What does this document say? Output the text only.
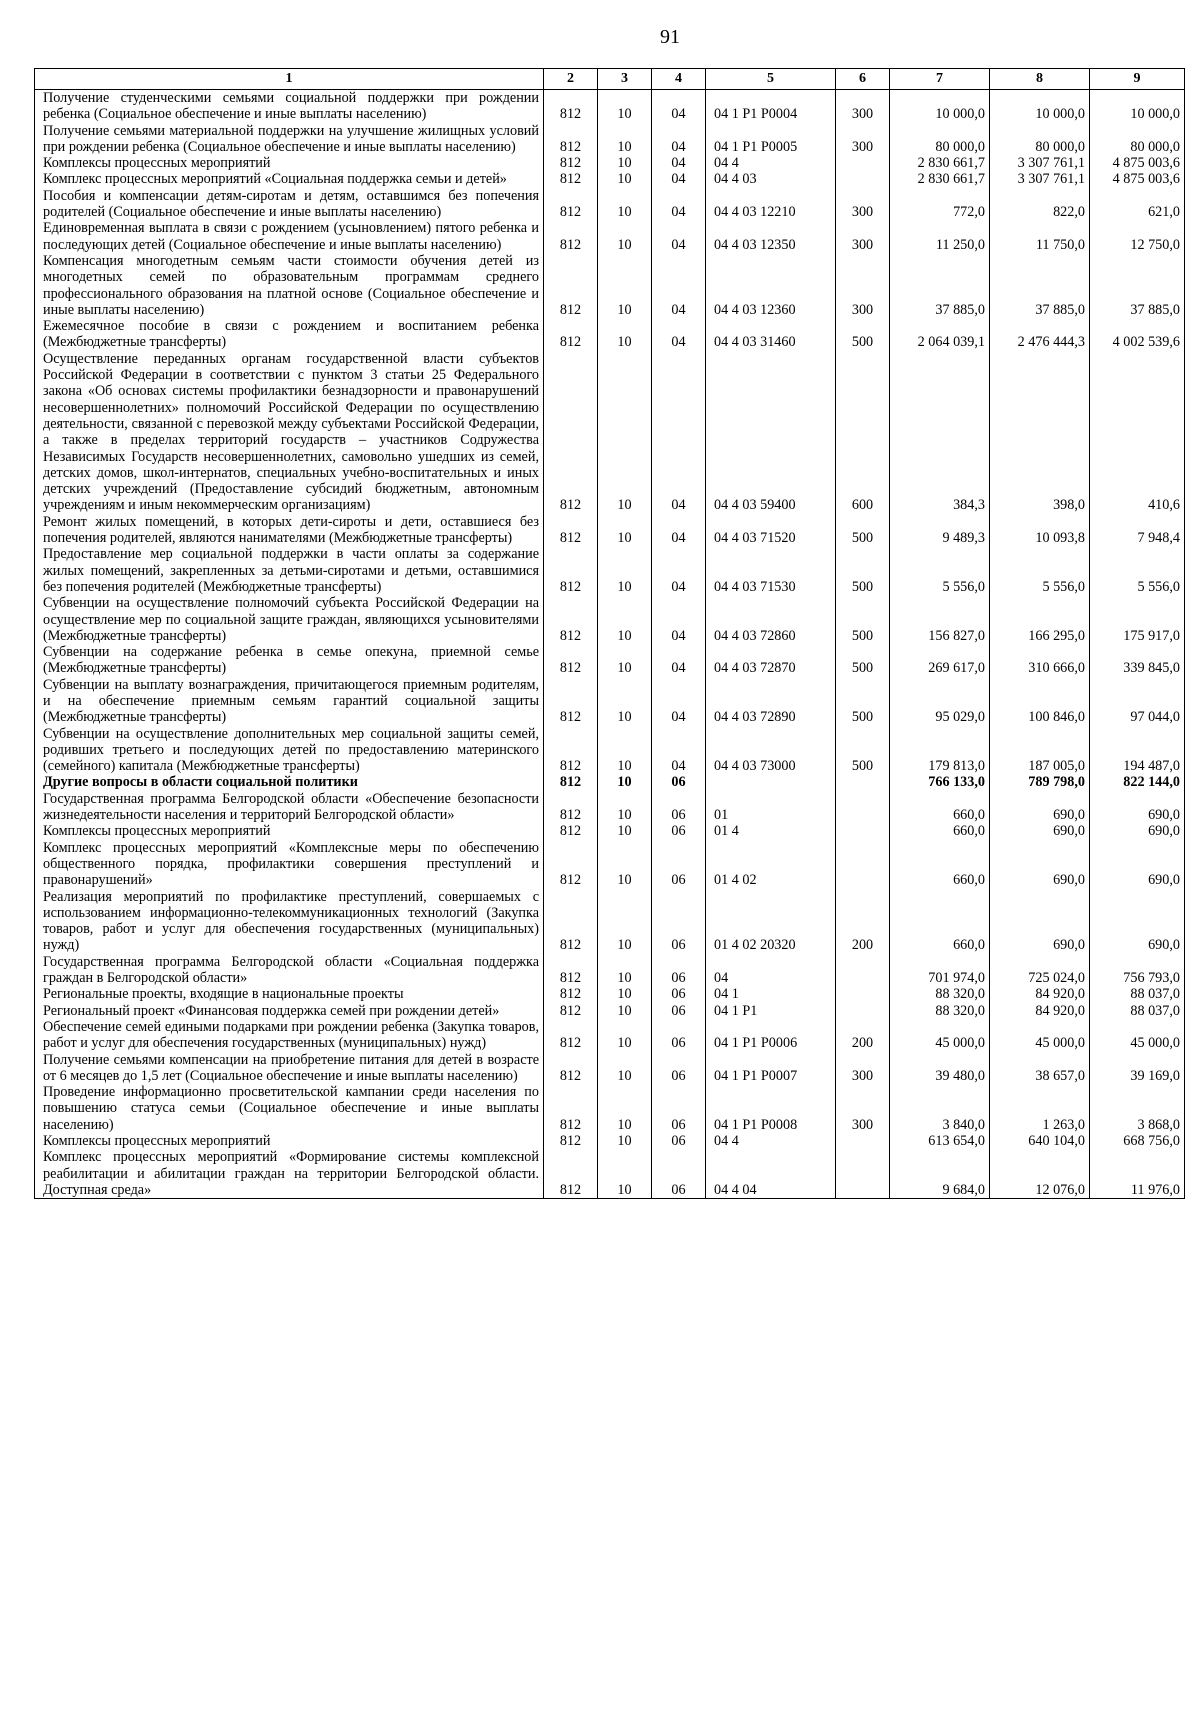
91
1	2	3	4	5	6	7	8	9
Получение студенческими семьями социальной поддержки при рождении ребенка (Социальное обеспечение и иные выплаты населению)	812	10	04	04 1 P1 P0004	300	10 000,0	10 000,0	10 000,0
Получение семьями материальной поддержки на улучшение жилищных условий при рождении ребенка (Социальное обеспечение и иные выплаты населению)	812	10	04	04 1 P1 P0005	300	80 000,0	80 000,0	80 000,0
Комплексы процессных мероприятий	812	10	04	04 4		2 830 661,7	3 307 761,1	4 875 003,6
Комплекс процессных мероприятий «Социальная поддержка семьи и детей»	812	10	04	04 4 03		2 830 661,7	3 307 761,1	4 875 003,6
Пособия и компенсации детям-сиротам и детям, оставшимся без попечения родителей (Социальное обеспечение и иные выплаты населению)	812	10	04	04 4 03 12210	300	772,0	822,0	621,0
Единовременная выплата в связи с рождением (усыновлением) пятого ребенка и последующих детей (Социальное обеспечение и иные выплаты населению)	812	10	04	04 4 03 12350	300	11 250,0	11 750,0	12 750,0
Компенсация многодетным семьям части стоимости обучения детей из многодетных семей по образовательным программам среднего профессионального образования на платной основе (Социальное обеспечение и иные выплаты населению)	812	10	04	04 4 03 12360	300	37 885,0	37 885,0	37 885,0
Ежемесячное пособие в связи с рождением и воспитанием ребенка (Межбюджетные трансферты)	812	10	04	04 4 03 31460	500	2 064 039,1	2 476 444,3	4 002 539,6
Осуществление переданных органам государственной власти субъектов Российской Федерации в соответствии с пунктом 3 статьи 25 Федерального закона «Об основах системы профилактики безнадзорности и правонарушений несовершеннолетних» полномочий Российской Федерации по осуществлению деятельности, связанной с перевозкой между субъектами Российской Федерации, а также в пределах территорий государств – участников Содружества Независимых Государств несовершеннолетних, самовольно ушедших из семей, детских домов, школ-интернатов, специальных учебно-воспитательных и иных детских учреждений (Предоставление субсидий бюджетным, автономным учреждениям и иным некоммерческим организациям)	812	10	04	04 4 03 59400	600	384,3	398,0	410,6
Ремонт жилых помещений, в которых дети-сироты и дети, оставшиеся без попечения родителей, являются нанимателями (Межбюджетные трансферты)	812	10	04	04 4 03 71520	500	9 489,3	10 093,8	7 948,4
Предоставление мер социальной поддержки в части оплаты за содержание жилых помещений, закрепленных за детьми-сиротами и детьми, оставшимися без попечения родителей (Межбюджетные трансферты)	812	10	04	04 4 03 71530	500	5 556,0	5 556,0	5 556,0
Субвенции на осуществление полномочий субъекта Российской Федерации на осуществление мер по социальной защите граждан, являющихся усыновителями (Межбюджетные трансферты)	812	10	04	04 4 03 72860	500	156 827,0	166 295,0	175 917,0
Субвенции на содержание ребенка в семье опекуна, приемной семье (Межбюджетные трансферты)	812	10	04	04 4 03 72870	500	269 617,0	310 666,0	339 845,0
Субвенции на выплату вознаграждения, причитающегося приемным родителям, и на обеспечение приемным семьям гарантий социальной защиты (Межбюджетные трансферты)	812	10	04	04 4 03 72890	500	95 029,0	100 846,0	97 044,0
Субвенции на осуществление дополнительных мер социальной защиты семей, родивших третьего и последующих детей по предоставлению материнского (семейного) капитала (Межбюджетные трансферты)	812	10	04	04 4 03 73000	500	179 813,0	187 005,0	194 487,0
Другие вопросы в области социальной политики	812	10	06			766 133,0	789 798,0	822 144,0
Государственная программа Белгородской области «Обеспечение безопасности жизнедеятельности населения и территорий Белгородской области»	812	10	06	01		660,0	690,0	690,0
Комплексы процессных мероприятий	812	10	06	01 4		660,0	690,0	690,0
Комплекс процессных мероприятий «Комплексные меры по обеспечению общественного порядка, профилактики совершения преступлений и правонарушений»	812	10	06	01 4 02		660,0	690,0	690,0
Реализация мероприятий по профилактике преступлений, совершаемых с использованием информационно-телекоммуникационных технологий (Закупка товаров, работ и услуг для обеспечения государственных (муниципальных) нужд)	812	10	06	01 4 02 20320	200	660,0	690,0	690,0
Государственная программа Белгородской области «Социальная поддержка граждан в Белгородской области»	812	10	06	04		701 974,0	725 024,0	756 793,0
Региональные проекты, входящие в национальные проекты	812	10	06	04 1		88 320,0	84 920,0	88 037,0
Региональный проект «Финансовая поддержка семей при рождении детей»	812	10	06	04 1 P1		88 320,0	84 920,0	88 037,0
Обеспечение семей едиными подарками при рождении ребенка (Закупка товаров, работ и услуг для обеспечения государственных (муниципальных) нужд)	812	10	06	04 1 P1 P0006	200	45 000,0	45 000,0	45 000,0
Получение семьями компенсации на приобретение питания для детей в возрасте от 6 месяцев до 1,5 лет (Социальное обеспечение и иные выплаты населению)	812	10	06	04 1 P1 P0007	300	39 480,0	38 657,0	39 169,0
Проведение информационно просветительской кампании среди населения по повышению статуса семьи (Социальное обеспечение и иные выплаты населению)	812	10	06	04 1 P1 P0008	300	3 840,0	1 263,0	3 868,0
Комплексы процессных мероприятий	812	10	06	04 4		613 654,0	640 104,0	668 756,0
Комплекс процессных мероприятий «Формирование системы комплексной реабилитации и абилитации граждан на территории Белгородской области. Доступная среда»	812	10	06	04 4 04		9 684,0	12 076,0	11 976,0
